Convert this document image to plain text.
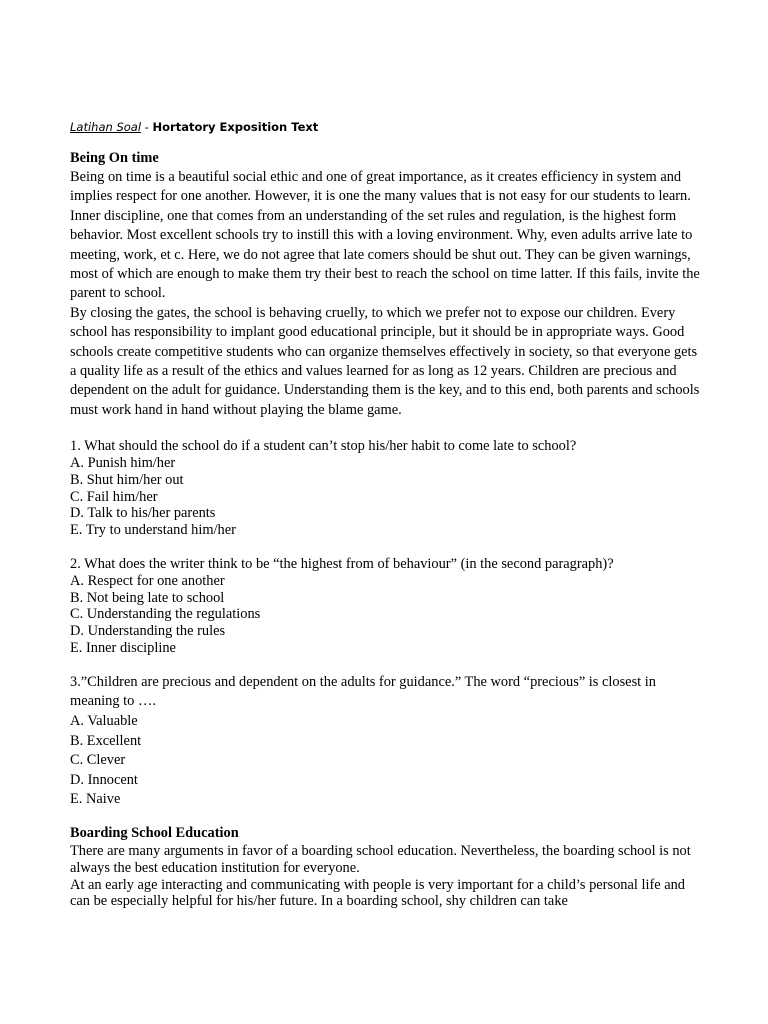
Latihan Soal - Hortatory Exposition Text

Being On time

Being on time is a beautiful social ethic and one of great importance, as it creates efficiency in system and implies respect for one another. However, it is one the many values that is not easy for our students to learn.

Inner discipline, one that comes from an understanding of the set rules and regulation, is the highest form behavior. Most excellent schools try to instill this with a loving environment. Why, even adults arrive late to meeting, work, et c. Here, we do not agree that late comers should be shut out. They can be given warnings, most of which are enough to make them try their best to reach the school on time latter. If this fails, invite the parent to school.

By closing the gates, the school is behaving cruelly, to which we prefer not to expose our children. Every school has responsibility to implant good educational principle, but it should be in appropriate ways. Good schools create competitive students who can organize themselves effectively in society, so that everyone gets a quality life as a result of the ethics and values learned for as long as 12 years. Children are precious and dependent on the adult for guidance. Understanding them is the key, and to this end, both parents and schools must work hand in hand without playing the blame game.

1. What should the school do if a student can’t stop his/her habit to come late to school?
A. Punish him/her
B. Shut him/her out
C. Fail him/her
D. Talk to his/her parents
E. Try to understand him/her
2. What does the writer think to be “the highest from of behaviour” (in the second paragraph)?
A. Respect for one another
B. Not being late to school
C. Understanding the regulations
D. Understanding the rules
E. Inner discipline
3.”Children are precious and dependent on the adults for guidance.” The word “precious” is closest in meaning to ….
A. Valuable
B. Excellent
C. Clever
D. Innocent
E. Naive

Boarding School Education

There are many arguments in favor of a boarding school education. Nevertheless, the boarding school is not always the best education institution for everyone.

At an early age interacting and communicating with people is very important for a child’s personal life and can be especially helpful for his/her future. In a boarding school, shy children can take
